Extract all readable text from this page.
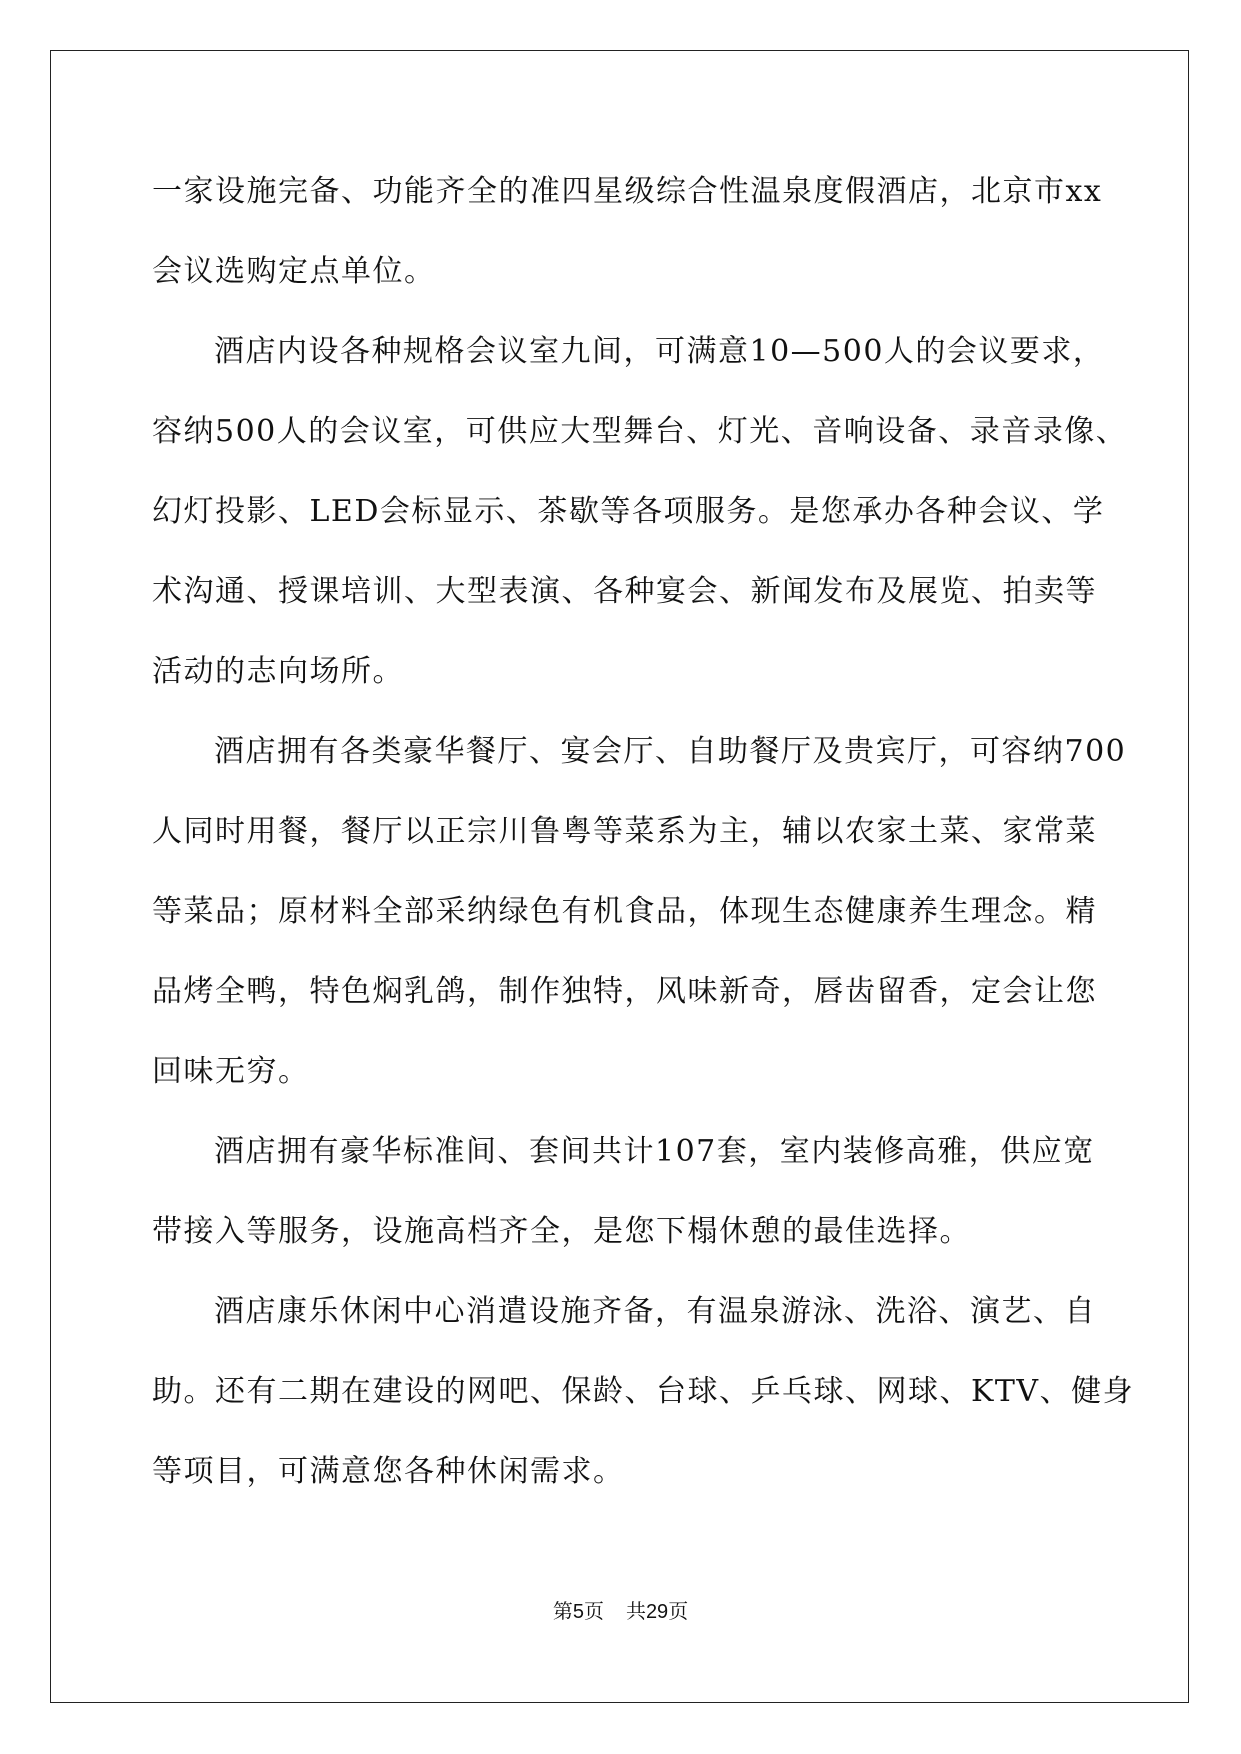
一家设施完备、功能齐全的准四星级综合性温泉度假酒店，北京市xx

会议选购定点单位。

酒店内设各种规格会议室九间，可满意10—500人的会议要求，

容纳500人的会议室，可供应大型舞台、灯光、音响设备、录音录像、

幻灯投影、LED会标显示、茶歇等各项服务。是您承办各种会议、学

术沟通、授课培训、大型表演、各种宴会、新闻发布及展览、拍卖等

活动的志向场所。

酒店拥有各类豪华餐厅、宴会厅、自助餐厅及贵宾厅，可容纳700

人同时用餐，餐厅以正宗川鲁粤等菜系为主，辅以农家土菜、家常菜

等菜品；原材料全部采纳绿色有机食品，体现生态健康养生理念。精

品烤全鸭，特色焖乳鸽，制作独特，风味新奇，唇齿留香，定会让您

回味无穷。

酒店拥有豪华标准间、套间共计107套，室内装修高雅，供应宽

带接入等服务，设施高档齐全，是您下榻休憩的最佳选择。

酒店康乐休闲中心消遣设施齐备，有温泉游泳、洗浴、演艺、自

助。还有二期在建设的网吧、保龄、台球、乒乓球、网球、KTV、健身

等项目，可满意您各种休闲需求。

第5页 共29页
